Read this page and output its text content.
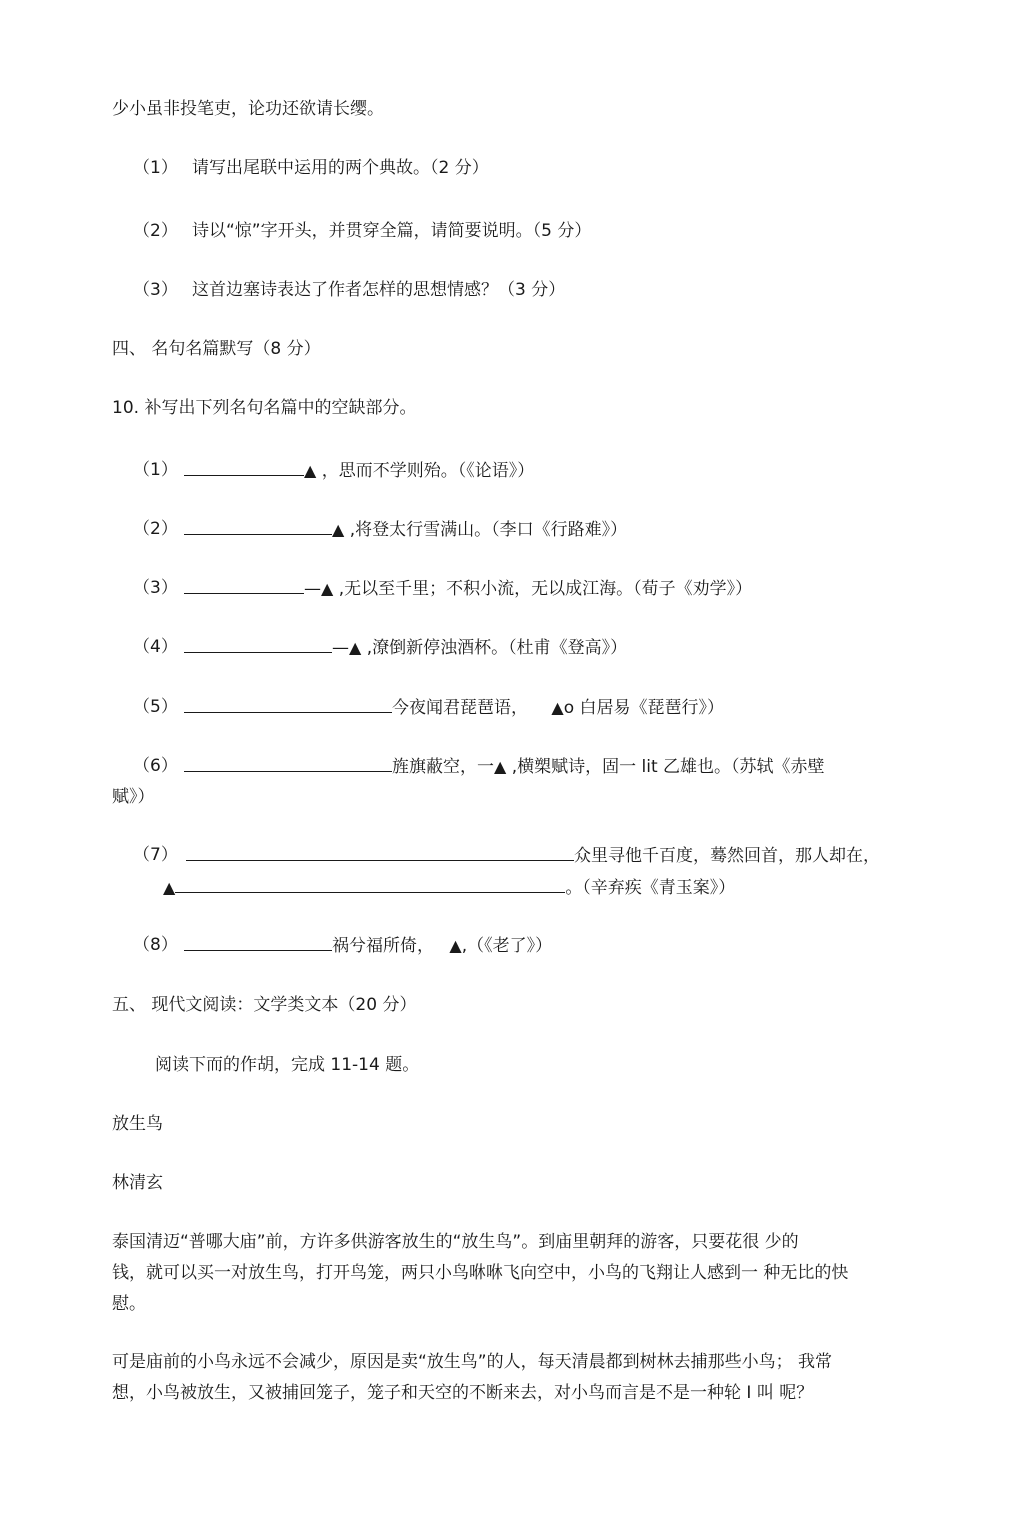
少小虽非投笔吏，论功还欲请长缨。
（1） 请写出尾联中运用的两个典故。（2 分）
（2） 诗以“惊”字开头，并贯穿全篇，请简要说明。（5 分）
（3） 这首边塞诗表达了作者怎样的思想情感？（3 分）
四、 名句名篇默写（8 分）
10. 补写出下列名句名篇中的空缺部分。
（1）	▲ ，思而不学则殆。（《论语》）
（2）	▲ ,将登太行雪满山。（李口《行路难》）
（3）	—▲ ,无以至千里；不积小流，无以成江海。（荀子《劝学》）
（4）	—▲ ,潦倒新停浊酒杯。（杜甫《登高》）
（5）	今夜闻君琵琶语， ▲o 白居易《琵琶行》）
（6）	旌旗蔽空，一▲ ,横槊赋诗，固一 lit 乙雄也。（苏轼《赤壁
赋》）
（7）	众里寻他千百度，蓦然回首，那人却在，
▲	。（辛弃疾《青玉案》）
（8）	祸兮福所倚， ▲,（《老了》）
五、 现代文阅读：文学类文本（20 分）
阅读下而的作胡，完成 11-14 题。
放生鸟
林清玄
泰国清迈“普哪大庙”前，方许多供游客放生的“放生鸟”。到庙里朝拜的游客，只要花很 少的
钱，就可以买一对放生鸟，打开鸟笼，两只小鸟咻咻飞向空中，小鸟的飞翔让人感到一 种无比的快
慰。
可是庙前的小鸟永远不会减少，原因是卖“放生鸟”的人，每天清晨都到树林去捕那些小鸟； 我常
想，小鸟被放生，又被捕回笼子，笼子和天空的不断来去，对小鸟而言是不是一种轮 I 叫 呢？
